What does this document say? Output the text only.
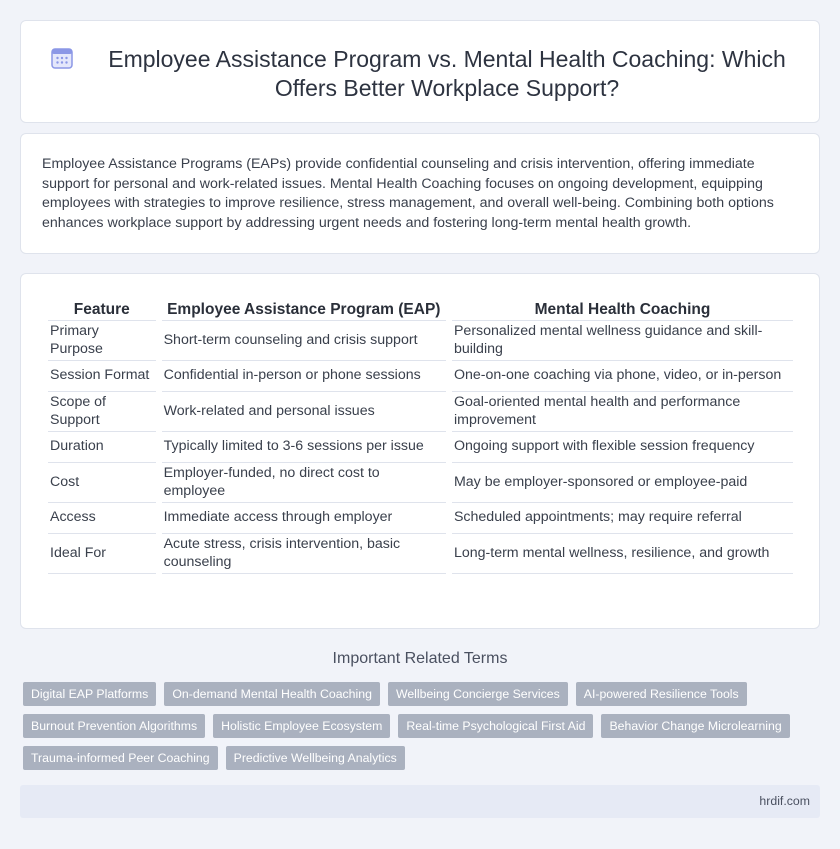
Employee Assistance Program vs. Mental Health Coaching: Which Offers Better Workplace Support?

Employee Assistance Programs (EAPs) provide confidential counseling and crisis intervention, offering immediate support for personal and work-related issues. Mental Health Coaching focuses on ongoing development, equipping employees with strategies to improve resilience, stress management, and overall well-being. Combining both options enhances workplace support by addressing urgent needs and fostering long-term mental health growth.

Feature	Employee Assistance Program (EAP)	Mental Health Coaching
Primary Purpose	Short-term counseling and crisis support	Personalized mental wellness guidance and skill-building
Session Format	Confidential in-person or phone sessions	One-on-one coaching via phone, video, or in-person
Scope of Support	Work-related and personal issues	Goal-oriented mental health and performance improvement
Duration	Typically limited to 3-6 sessions per issue	Ongoing support with flexible session frequency
Cost	Employer-funded, no direct cost to employee	May be employer-sponsored or employee-paid
Access	Immediate access through employer	Scheduled appointments; may require referral
Ideal For	Acute stress, crisis intervention, basic counseling	Long-term mental wellness, resilience, and growth
Important Related Terms
Digital EAP Platforms	On-demand Mental Health Coaching	Wellbeing Concierge Services	AI-powered Resilience Tools
Burnout Prevention Algorithms	Holistic Employee Ecosystem	Real-time Psychological First Aid	Behavior Change Microlearning
Trauma-informed Peer Coaching	Predictive Wellbeing Analytics
hrdif.com
